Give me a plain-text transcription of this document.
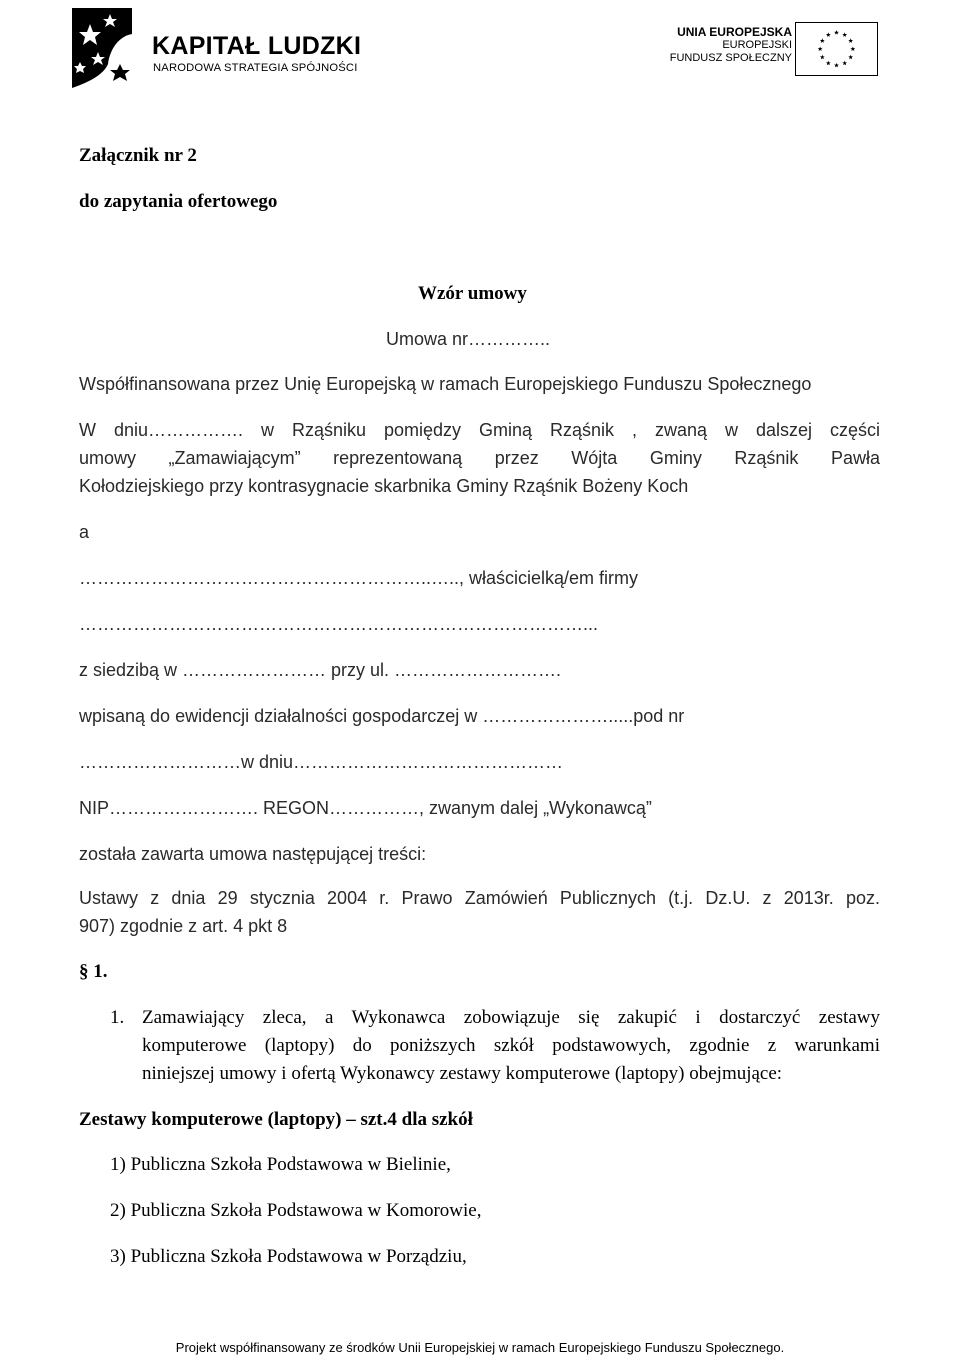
KAPITAŁ LUDZKI
NARODOWA STRATEGIA SPÓJNOŚCI
UNIA EUROPEJSKA
EUROPEJSKI
FUNDUSZ SPOŁECZNY
Załącznik nr 2
do zapytania ofertowego
Wzór umowy
Umowa nr…………..
Współfinansowana przez Unię Europejską w ramach Europejskiego Funduszu Społecznego
W dniu……………. w Rząśniku pomiędzy Gminą Rząśnik , zwaną w dalszej części
umowy „Zamawiającym” reprezentowaną przez Wójta Gminy Rząśnik Pawła
Kołodziejskiego przy kontrasygnacie skarbnika Gminy Rząśnik Bożeny Koch
a
…………………………………………………..….., właścicielką/em firmy
…………………………………………………………………………...
z siedzibą w …………………… przy ul. ……………………….
wpisaną do ewidencji działalności gospodarczej w ………………….....pod nr
………………………w dniu………………………………………
NIP……………………. REGON……………, zwanym dalej „Wykonawcą”
została zawarta umowa następującej treści:
Ustawy z dnia 29 stycznia 2004 r. Prawo Zamówień Publicznych (t.j. Dz.U. z 2013r. poz.
907) zgodnie z art. 4 pkt 8
§ 1.
1. Zamawiający zleca, a Wykonawca zobowiązuje się zakupić i dostarczyć zestawy
komputerowe (laptopy) do poniższych szkół podstawowych, zgodnie z warunkami
niniejszej umowy i ofertą Wykonawcy zestawy komputerowe (laptopy) obejmujące:
Zestawy komputerowe (laptopy) – szt.4 dla szkół
1) Publiczna Szkoła Podstawowa w Bielinie,
2) Publiczna Szkoła Podstawowa w Komorowie,
3) Publiczna Szkoła Podstawowa w Porządziu,
Projekt współfinansowany ze środków Unii Europejskiej w ramach Europejskiego Funduszu Społecznego.
